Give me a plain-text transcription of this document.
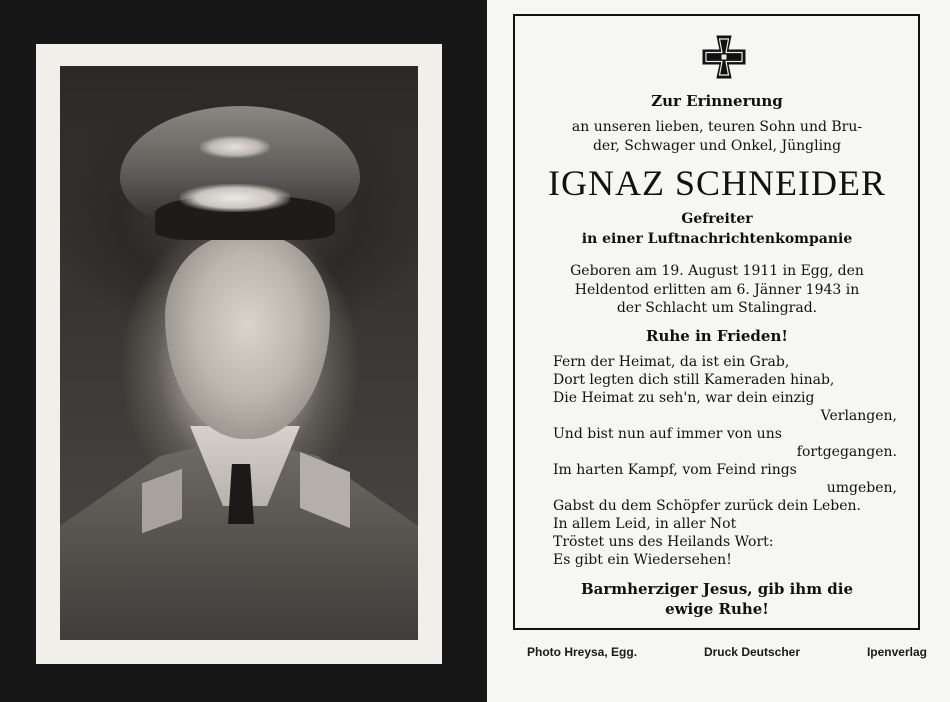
Zur Erinnerung
an unseren lieben, teuren Sohn und Bru-
der, Schwager und Onkel, Jüngling
IGNAZ SCHNEIDER
Gefreiter
in einer Luftnachrichtenkompanie
Geboren am 19. August 1911 in Egg, den
Heldentod erlitten am 6. Jänner 1943 in
der Schlacht um Stalingrad.
Ruhe in Frieden!
Fern der Heimat, da ist ein Grab,
Dort legten dich still Kameraden hinab,
Die Heimat zu seh'n, war dein einzig
Verlangen,
Und bist nun auf immer von uns
fortgegangen.
Im harten Kampf, vom Feind rings
umgeben,
Gabst du dem Schöpfer zurück dein Leben.
In allem Leid, in aller Not
Tröstet uns des Heilands Wort:
Es gibt ein Wiedersehen!
Barmherziger Jesus, gib ihm die
ewige Ruhe!
Photo Hreysa, Egg.	Druck Deutscher	Ipenverlag
